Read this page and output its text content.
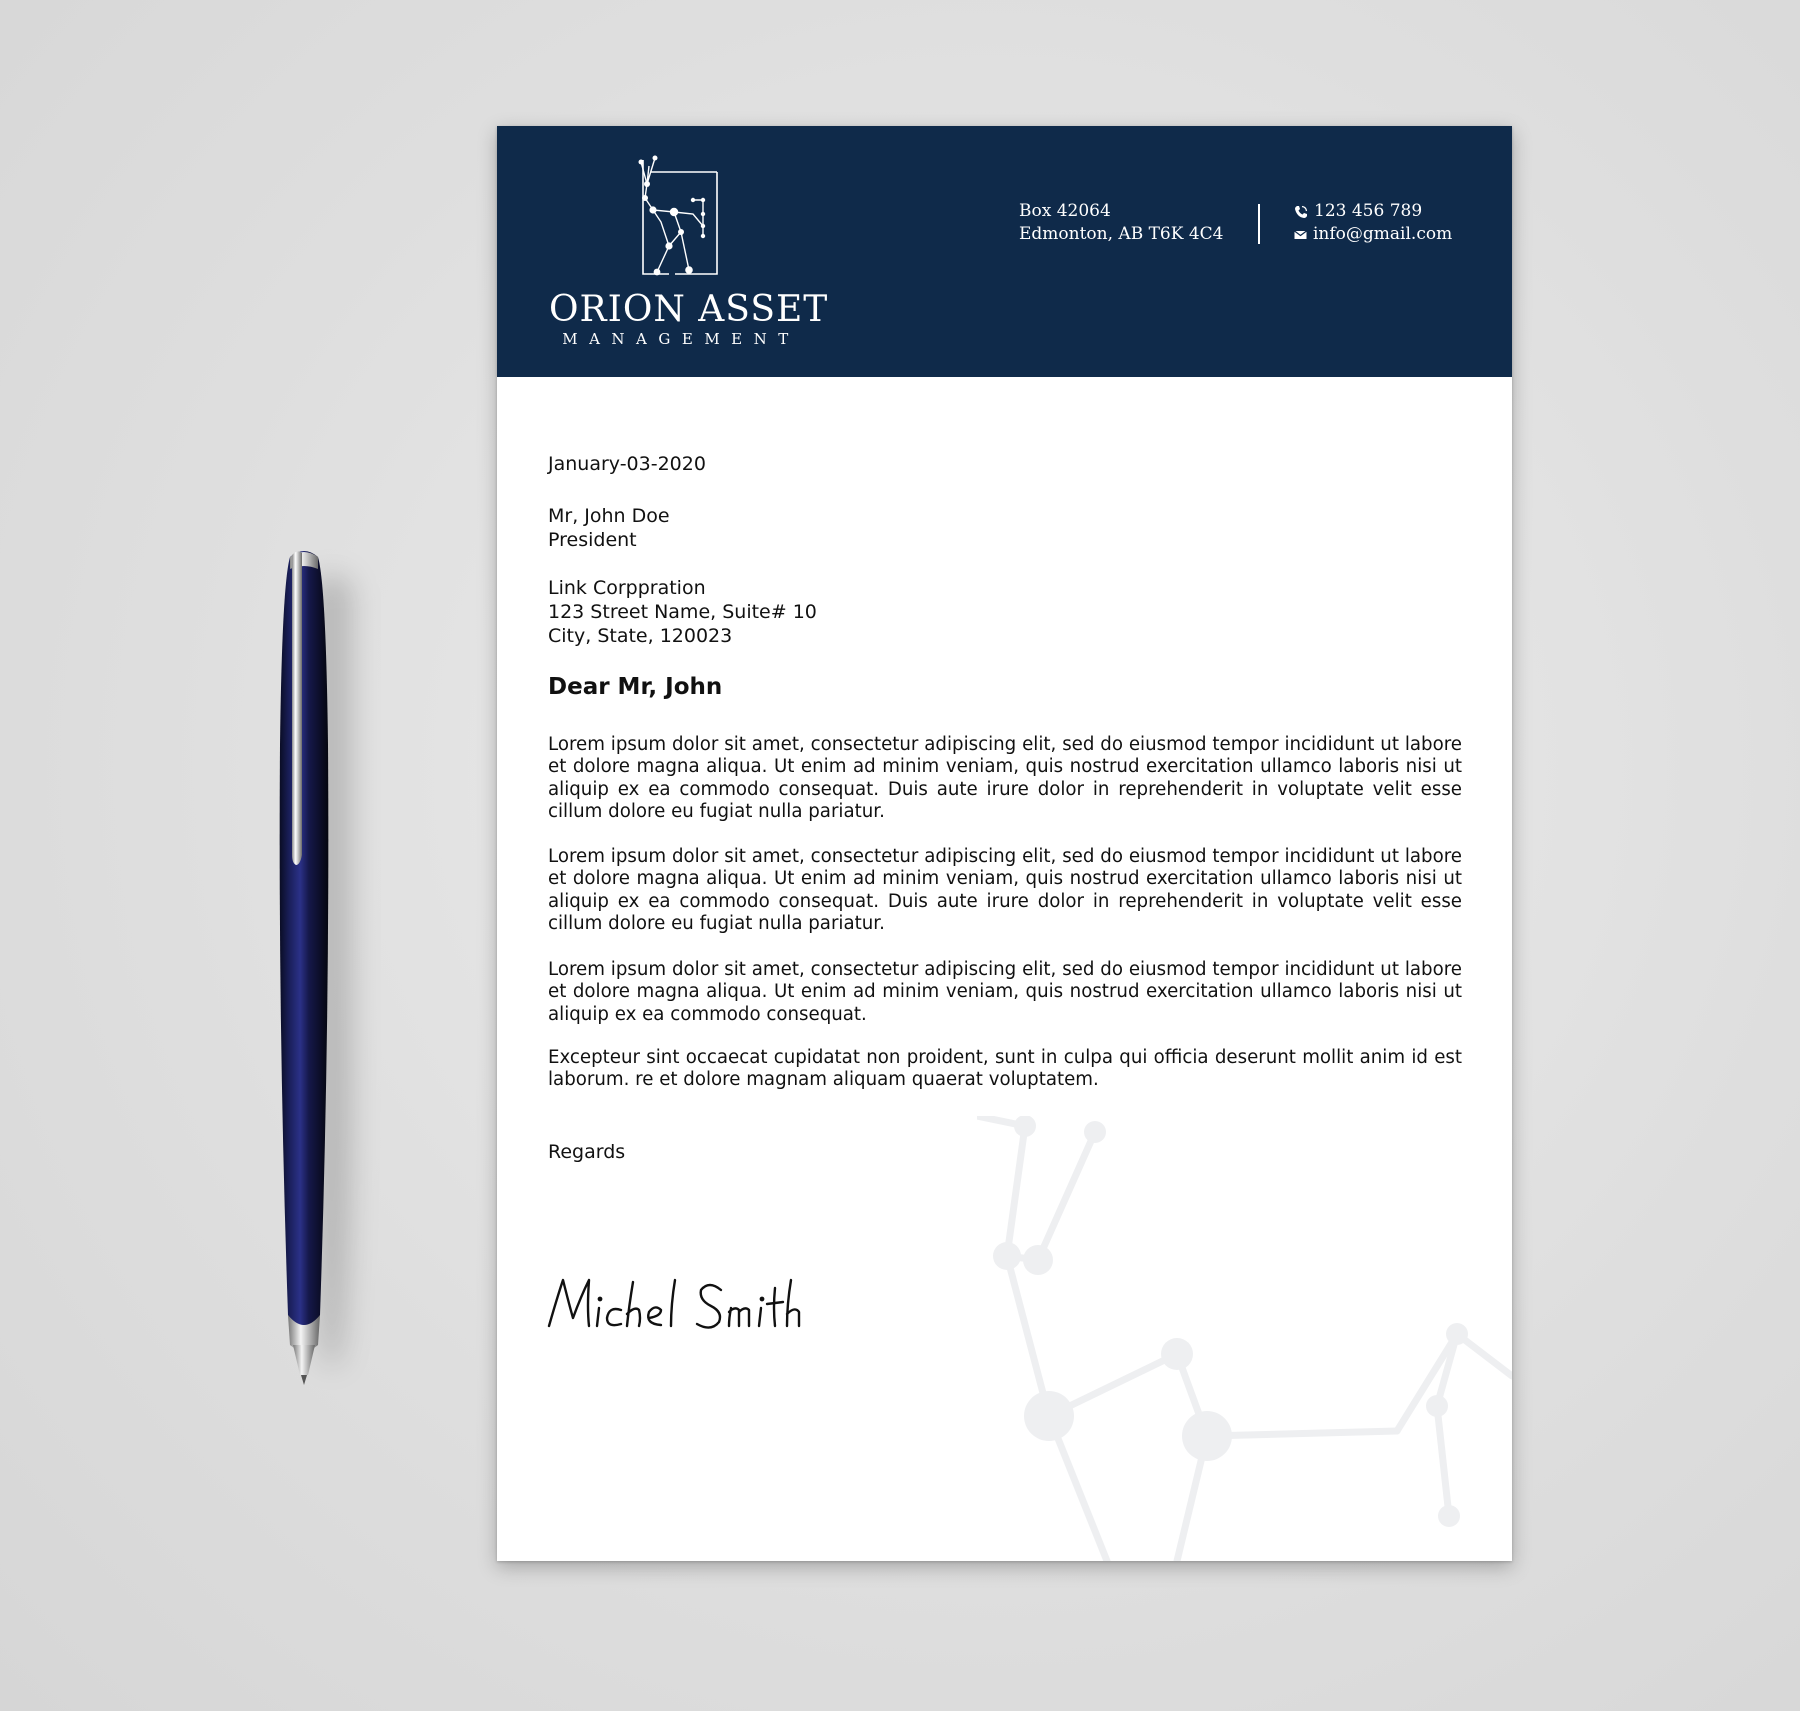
ORION ASSET
MANAGEMENT
Box 42064
Edmonton, AB T6K 4C4
123 456 789
info@gmail.com
January-03-2020
Mr, John Doe
President
Link Corppration
123 Street Name, Suite# 10
City, State, 120023
Dear Mr, John
Lorem ipsum dolor sit amet, consectetur adipiscing elit, sed do eiusmod tempor incididunt ut labore et dolore magna aliqua. Ut enim ad minim veniam, quis nostrud exercitation ullamco laboris nisi ut aliquip ex ea commodo consequat. Duis aute irure dolor in reprehenderit in voluptate velit esse cillum dolore eu fugiat nulla pariatur.
Lorem ipsum dolor sit amet, consectetur adipiscing elit, sed do eiusmod tempor incididunt ut labore et dolore magna aliqua. Ut enim ad minim veniam, quis nostrud exercitation ullamco laboris nisi ut aliquip ex ea commodo consequat. Duis aute irure dolor in reprehenderit in voluptate velit esse cillum dolore eu fugiat nulla pariatur.
Lorem ipsum dolor sit amet, consectetur adipiscing elit, sed do eiusmod tempor incididunt ut labore et dolore magna aliqua. Ut enim ad minim veniam, quis nostrud exercitation ullamco laboris nisi ut aliquip ex ea commodo consequat.
Excepteur sint occaecat cupidatat non proident, sunt in culpa qui officia deserunt mollit anim id est laborum. re et dolore magnam aliquam quaerat voluptatem.
Regards
